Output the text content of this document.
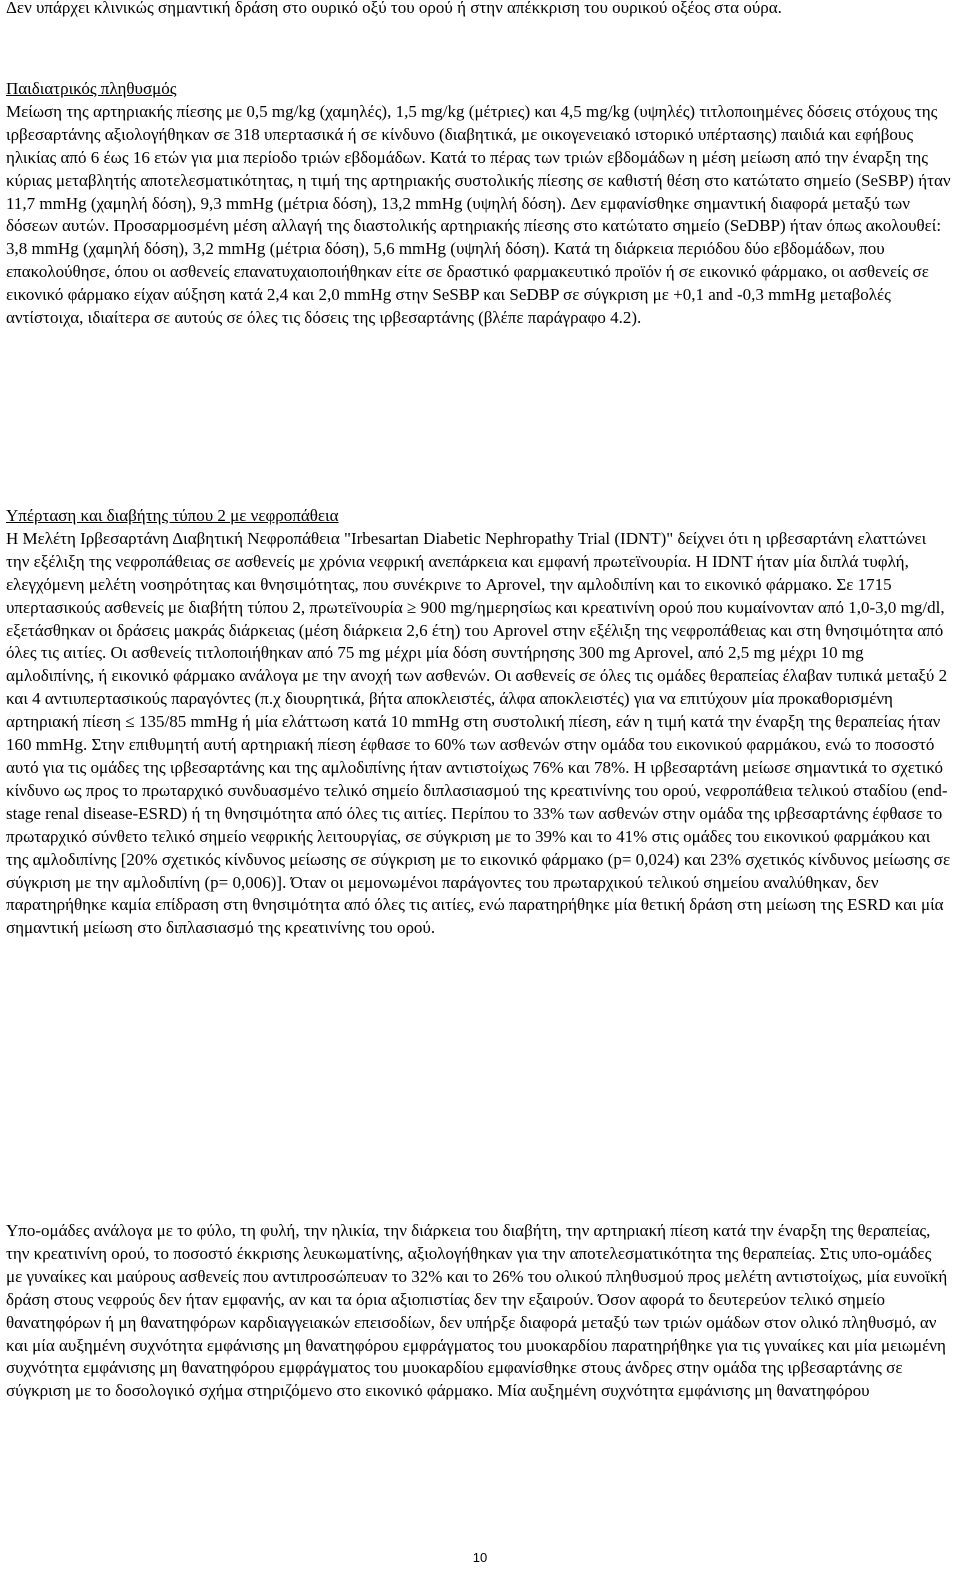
Δεν υπάρχει κλινικώς σημαντική δράση στο ουρικό οξύ του ορού ή στην απέκκριση του ουρικού οξέος στα ούρα.

Παιδιατρικός πληθυσμός
Μείωση της αρτηριακής πίεσης με 0,5 mg/kg (χαμηλές), 1,5 mg/kg (μέτριες) και 4,5 mg/kg (υψηλές) τιτλοποιημένες δόσεις στόχους της ιρβεσαρτάνης αξιολογήθηκαν σε 318 υπερτασικά ή σε κίνδυνο (διαβητικά, με οικογενειακό ιστορικό υπέρτασης) παιδιά και εφήβους ηλικίας από 6 έως 16 ετών για μια περίοδο τριών εβδομάδων. Κατά το πέρας των τριών εβδομάδων η μέση μείωση από την έναρξη της κύριας μεταβλητής αποτελεσματικότητας, η τιμή της αρτηριακής συστολικής πίεσης σε καθιστή θέση στο κατώτατο σημείο (SeSBP) ήταν 11,7 mmHg (χαμηλή δόση), 9,3 mmHg (μέτρια δόση), 13,2 mmHg (υψηλή δόση). Δεν εμφανίσθηκε σημαντική διαφορά μεταξύ των δόσεων αυτών. Προσαρμοσμένη μέση αλλαγή της διαστολικής αρτηριακής πίεσης στο κατώτατο σημείο (SeDBP) ήταν όπως ακολουθεί: 3,8 mmHg (χαμηλή δόση), 3,2 mmHg (μέτρια δόση), 5,6 mmHg (υψηλή δόση). Κατά τη διάρκεια περιόδου δύο εβδομάδων, που επακολούθησε, όπου οι ασθενείς επανατυχαιοποιήθηκαν είτε σε δραστικό φαρμακευτικό προϊόν ή σε εικονικό φάρμακο, οι ασθενείς σε εικονικό φάρμακο είχαν αύξηση κατά 2,4 και 2,0 mmHg στην SeSBP και SeDBP σε σύγκριση με +0,1 and -0,3 mmHg μεταβολές αντίστοιχα, ιδιαίτερα σε αυτούς σε όλες τις δόσεις της ιρβεσαρτάνης (βλέπε παράγραφο 4.2).
Υπέρταση και διαβήτης τύπου 2 με νεφροπάθεια
Η Μελέτη Ιρβεσαρτάνη Διαβητική Νεφροπάθεια "Irbesartan Diabetic Nephropathy Trial (IDNT)" δείχνει ότι η ιρβεσαρτάνη ελαττώνει την εξέλιξη της νεφροπάθειας σε ασθενείς με χρόνια νεφρική ανεπάρκεια και εμφανή πρωτεϊνουρία. Η IDNT ήταν μία διπλά τυφλή, ελεγχόμενη μελέτη νοσηρότητας και θνησιμότητας, που συνέκρινε το Aprovel, την αμλοδιπίνη και το εικονικό φάρμακο. Σε 1715 υπερτασικούς ασθενείς με διαβήτη τύπου 2, πρωτεϊνουρία ≥ 900 mg/ημερησίως και κρεατινίνη ορού που κυμαίνονταν από 1,0-3,0 mg/dl, εξετάσθηκαν οι δράσεις μακράς διάρκειας (μέση διάρκεια 2,6 έτη) του Aprovel στην εξέλιξη της νεφροπάθειας και στη θνησιμότητα από όλες τις αιτίες. Οι ασθενείς τιτλοποιήθηκαν από 75 mg μέχρι μία δόση συντήρησης 300 mg Aprovel, από 2,5 mg μέχρι 10 mg αμλοδιπίνης, ή εικονικό φάρμακο ανάλογα με την ανοχή των ασθενών. Οι ασθενείς σε όλες τις ομάδες θεραπείας έλαβαν τυπικά μεταξύ 2 και 4 αντιυπερτασικούς παραγόντες (π.χ διουρητικά, βήτα αποκλειστές, άλφα αποκλειστές) για να επιτύχουν μία προκαθορισμένη αρτηριακή πίεση ≤ 135/85 mmHg ή μία ελάττωση κατά 10 mmHg στη συστολική πίεση, εάν η τιμή κατά την έναρξη της θεραπείας ήταν 160 mmHg. Στην επιθυμητή αυτή αρτηριακή πίεση έφθασε το 60% των ασθενών στην ομάδα του εικονικού φαρμάκου, ενώ το ποσοστό αυτό για τις ομάδες της ιρβεσαρτάνης και της αμλοδιπίνης ήταν αντιστοίχως 76% και 78%. Η ιρβεσαρτάνη μείωσε σημαντικά το σχετικό κίνδυνο ως προς το πρωταρχικό συνδυασμένο τελικό σημείο διπλασιασμού της κρεατινίνης του ορού, νεφροπάθεια τελικού σταδίου (end-stage renal disease-ESRD) ή τη θνησιμότητα από όλες τις αιτίες. Περίπου το 33% των ασθενών στην ομάδα της ιρβεσαρτάνης έφθασε το πρωταρχικό σύνθετο τελικό σημείο νεφρικής λειτουργίας, σε σύγκριση με το 39% και το 41% στις ομάδες του εικονικού φαρμάκου και της αμλοδιπίνης [20% σχετικός κίνδυνος μείωσης σε σύγκριση με το εικονικό φάρμακο (p= 0,024) και 23% σχετικός κίνδυνος μείωσης σε σύγκριση με την αμλοδιπίνη (p= 0,006)]. Όταν οι μεμονωμένοι παράγοντες του πρωταρχικού τελικού σημείου αναλύθηκαν, δεν παρατηρήθηκε καμία επίδραση στη θνησιμότητα από όλες τις αιτίες, ενώ παρατηρήθηκε μία θετική δράση στη μείωση της ESRD και μία σημαντική μείωση στο διπλασιασμό της κρεατινίνης του ορού.

Υπο-ομάδες ανάλογα με το φύλο, τη φυλή, την ηλικία, την διάρκεια του διαβήτη, την αρτηριακή πίεση κατά την έναρξη της θεραπείας, την κρεατινίνη ορού, το ποσοστό έκκρισης λευκωματίνης, αξιολογήθηκαν για την αποτελεσματικότητα της θεραπείας. Στις υπο-ομάδες με γυναίκες και μαύρους ασθενείς που αντιπροσώπευαν το 32% και το 26% του ολικού πληθυσμού προς μελέτη αντιστοίχως, μία ευνοϊκή δράση στους νεφρούς δεν ήταν εμφανής, αν και τα όρια αξιοπιστίας δεν την εξαιρούν. Όσον αφορά το δευτερεύον τελικό σημείο θανατηφόρων ή μη θανατηφόρων καρδιαγγειακών επεισοδίων, δεν υπήρξε διαφορά μεταξύ των τριών ομάδων στον ολικό πληθυσμό, αν και μία αυξημένη συχνότητα εμφάνισης μη θανατηφόρου εμφράγματος του μυοκαρδίου παρατηρήθηκε για τις γυναίκες και μία μειωμένη συχνότητα εμφάνισης μη θανατηφόρου εμφράγματος του μυοκαρδίου εμφανίσθηκε στους άνδρες στην ομάδα της ιρβεσαρτάνης σε σύγκριση με το δοσολογικό σχήμα στηριζόμενο στο εικονικό φάρμακο. Μία αυξημένη συχνότητα εμφάνισης μη θανατηφόρου

10
